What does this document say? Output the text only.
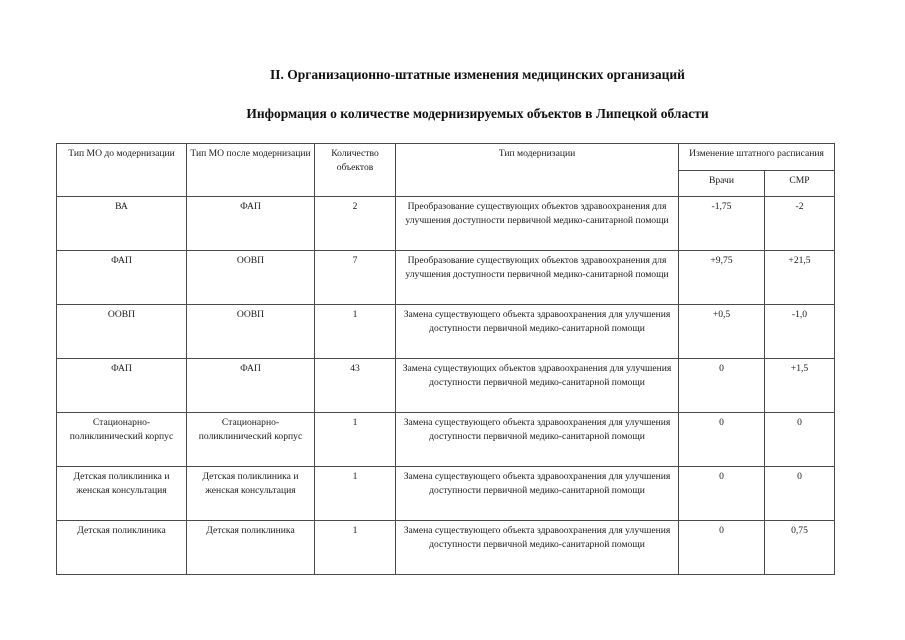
II. Организационно-штатные изменения медицинских организаций
Информация о количестве модернизируемых объектов в Липецкой области
Тип МО до модернизации	Тип МО после модернизации	Количество объектов	Тип модернизации	Изменение штатного расписания	
				Врачи	СМР
ВА	ФАП	2	Преобразование существующих объектов здравоохранения для улучшения доступности первичной медико-санитарной помощи	-1,75	-2
ФАП	ООВП	7	Преобразование существующих объектов здравоохранения для улучшения доступности первичной медико-санитарной помощи	+9,75	+21,5
ООВП	ООВП	1	Замена существующего объекта здравоохранения для улучшения доступности первичной медико-санитарной помощи	+0,5	-1,0
ФАП	ФАП	43	Замена существующих объектов здравоохранения для улучшения доступности первичной медико-санитарной помощи	0	+1,5
Стационарно-поликлинический корпус	Стационарно-поликлинический корпус	1	Замена существующего объекта здравоохранения для улучшения доступности первичной медико-санитарной помощи	0	0
Детская поликлиника и женская консультация	Детская поликлиника и женская консультация	1	Замена существующего объекта здравоохранения для улучшения доступности первичной медико-санитарной помощи	0	0
Детская поликлиника	Детская поликлиника	1	Замена существующего объекта здравоохранения для улучшения доступности первичной медико-санитарной помощи	0	0,75
